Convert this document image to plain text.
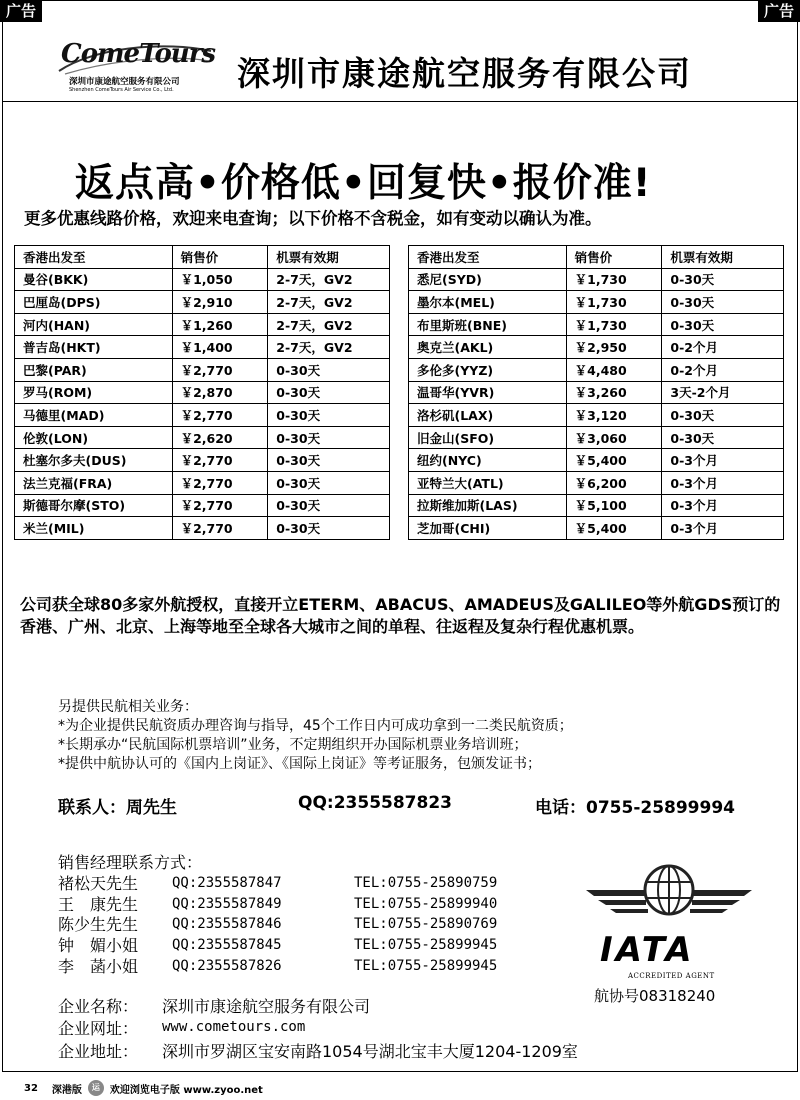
广告	广告
ComeTours
深圳市康途航空服务有限公司
Shenzhen ComeTours Air Service Co., Ltd. 深圳市康途航空服务有限公司
返点高•价格低•回复快•报价准!
更多优惠线路价格，欢迎来电查询；以下价格不含税金，如有变动以确认为准。
香港出发至	销售价	机票有效期
曼谷(BKK)	￥1,050	2-7天，GV2
巴厘岛(DPS)	￥2,910	2-7天，GV2
河内(HAN)	￥1,260	2-7天，GV2
普吉岛(HKT)	￥1,400	2-7天，GV2
巴黎(PAR)	￥2,770	0-30天
罗马(ROM)	￥2,870	0-30天
马德里(MAD)	￥2,770	0-30天
伦敦(LON)	￥2,620	0-30天
杜塞尔多夫(DUS)	￥2,770	0-30天
法兰克福(FRA)	￥2,770	0-30天
斯德哥尔摩(STO)	￥2,770	0-30天
米兰(MIL)	￥2,770	0-30天
香港出发至	销售价	机票有效期
悉尼(SYD)	￥1,730	0-30天
墨尔本(MEL)	￥1,730	0-30天
布里斯班(BNE)	￥1,730	0-30天
奥克兰(AKL)	￥2,950	0-2个月
多伦多(YYZ)	￥4,480	0-2个月
温哥华(YVR)	￥3,260	3天-2个月
洛杉矶(LAX)	￥3,120	0-30天
旧金山(SFO)	￥3,060	0-30天
纽约(NYC)	￥5,400	0-3个月
亚特兰大(ATL)	￥6,200	0-3个月
拉斯维加斯(LAS)	￥5,100	0-3个月
芝加哥(CHI)	￥5,400	0-3个月
公司获全球80多家外航授权，直接开立ETERM、ABACUS、AMADEUS及GALILEO等外航GDS预订的香港、广州、北京、上海等地至全球各大城市之间的单程、往返程及复杂行程优惠机票。
另提供民航相关业务：
*为企业提供民航资质办理咨询与指导，45个工作日内可成功拿到一二类民航资质；
*长期承办“民航国际机票培训”业务，不定期组织开办国际机票业务培训班；
*提供中航协认可的《国内上岗证》、《国际上岗证》等考证服务，包颁发证书；
联系人：周先生	QQ:2355587823	电话：0755-25899994
销售经理联系方式：
褚松天先生	QQ:2355587847	TEL:0755-25890759
王　康先生	QQ:2355587849	TEL:0755-25899940
陈少生先生	QQ:2355587846	TEL:0755-25890769
钟　媚小姐	QQ:2355587845	TEL:0755-25899945
李　菡小姐	QQ:2355587826	TEL:0755-25899945	IATA
ACCREDITED AGENT
航协号08318240
企业名称：	深圳市康途航空服务有限公司
企业网址：	www.cometours.com
企业地址：	深圳市罗湖区宝安南路1054号湖北宝丰大厦1204-1209室
32 深港版	运	欢迎浏览电子版 www.zyoo.net
